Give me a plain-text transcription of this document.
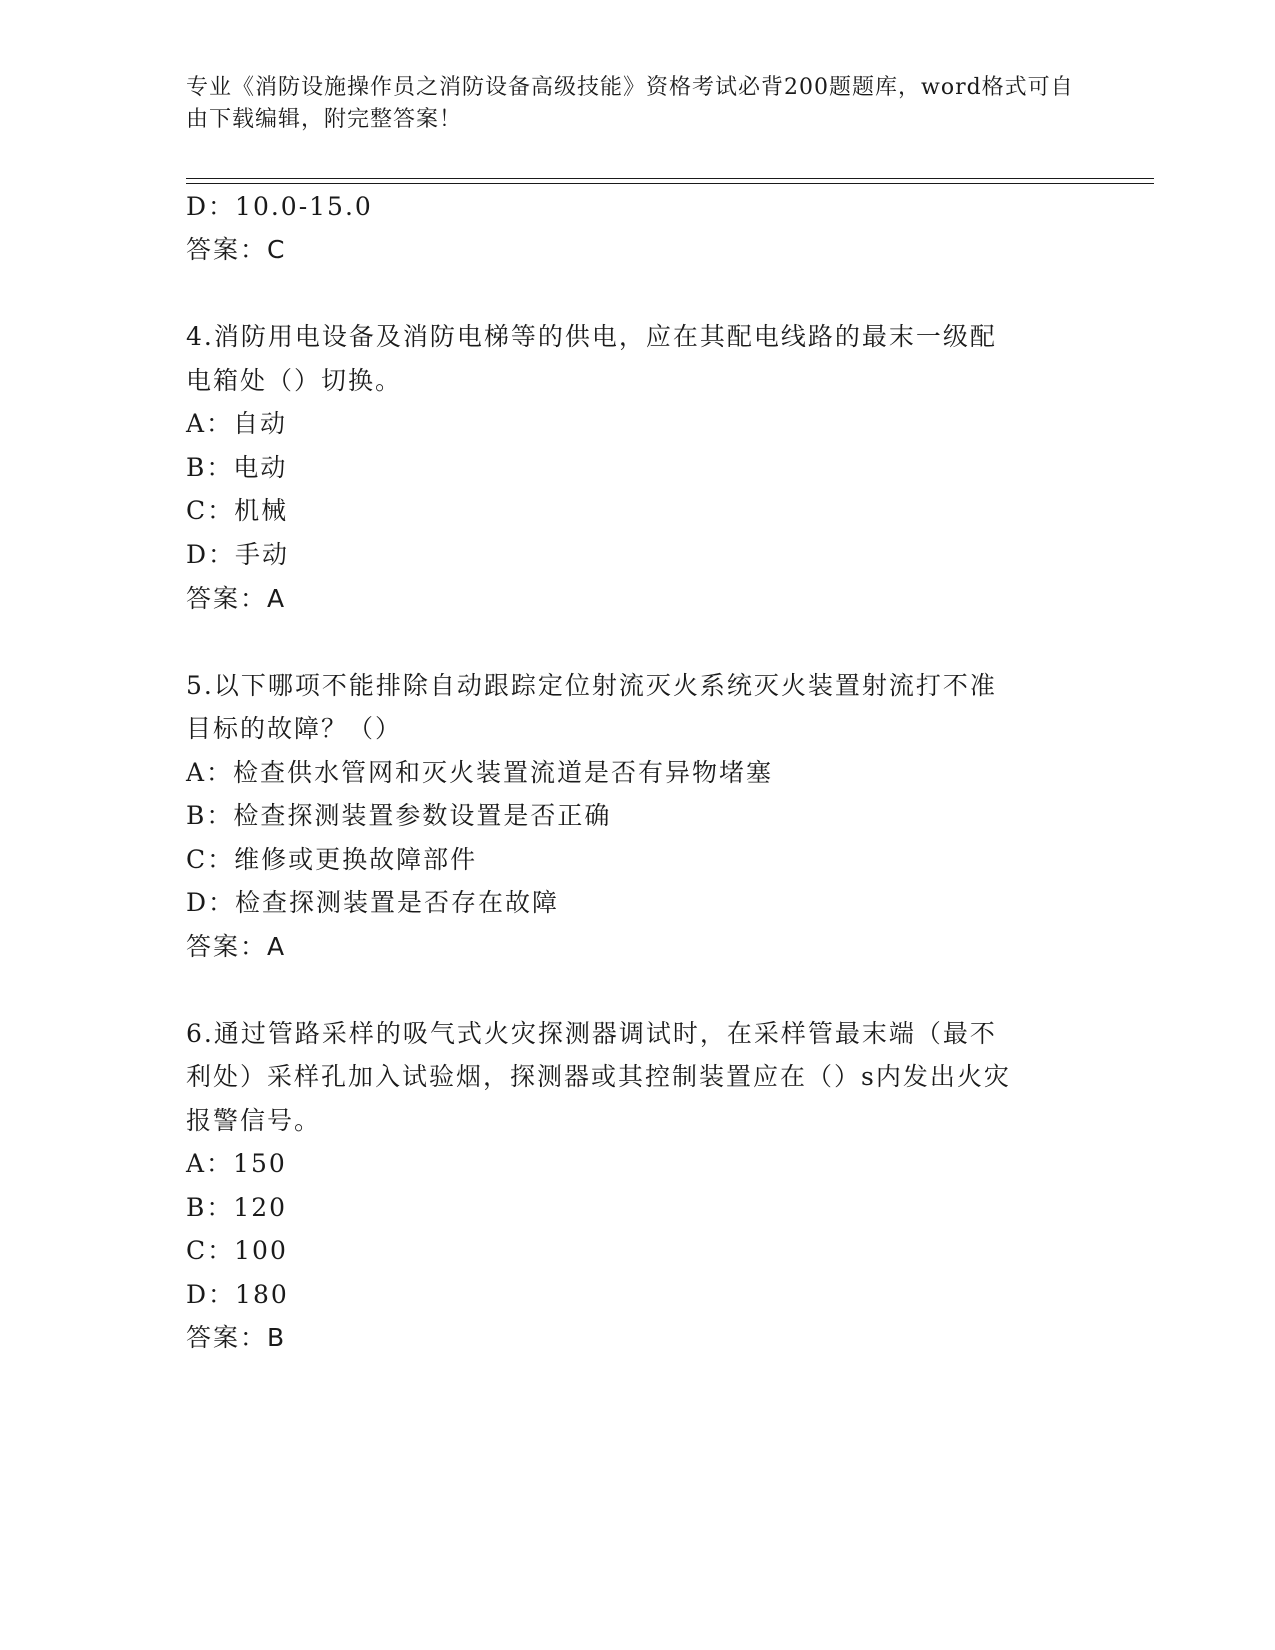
专业《消防设施操作员之消防设备高级技能》资格考试必背200题题库，word格式可自由下载编辑，附完整答案！
D：10.0-15.0
答案：C
4.消防用电设备及消防电梯等的供电，应在其配电线路的最末一级配
电箱处（）切换。
A：自动
B：电动
C：机械
D：手动
答案：A
5.以下哪项不能排除自动跟踪定位射流灭火系统灭火装置射流打不准
目标的故障？（）
A：检查供水管网和灭火装置流道是否有异物堵塞
B：检查探测装置参数设置是否正确
C：维修或更换故障部件
D：检查探测装置是否存在故障
答案：A
6.通过管路采样的吸气式火灾探测器调试时，在采样管最末端（最不
利处）采样孔加入试验烟，探测器或其控制装置应在（）s内发出火灾
报警信号。
A：150
B：120
C：100
D：180
答案：B
